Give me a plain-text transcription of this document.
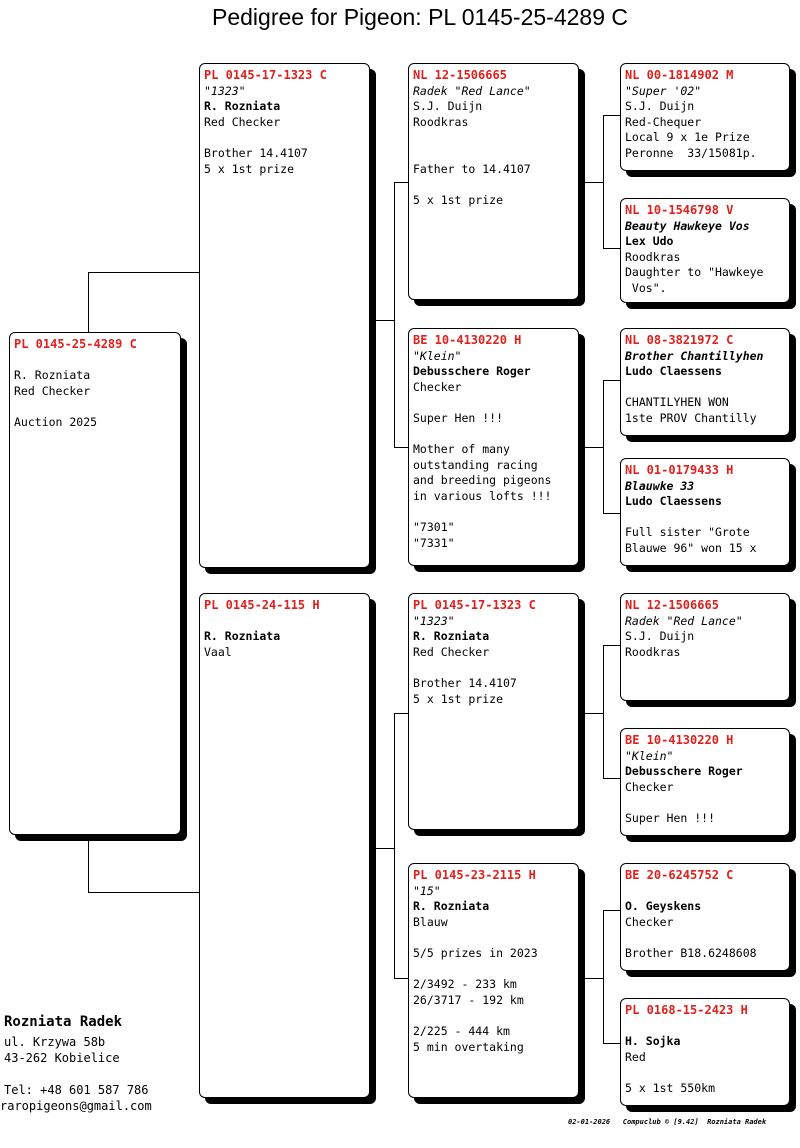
Pedigree for Pigeon: PL 0145-25-4289 C
PL 0145-25-4289 C

R. Rozniata
Red Checker

Auction 2025
PL 0145-17-1323 C
"1323"
R. Rozniata
Red Checker

Brother 14.4107
5 x 1st prize
PL 0145-24-115 H
R. Rozniata
Vaal
NL 12-1506665
Radek "Red Lance"
S.J. Duijn
Roodkras

Father to 14.4107

5 x 1st prize
BE 10-4130220 H
"Klein"
Debusschere Roger
Checker

Super Hen !!!

Mother of many
outstanding racing
and breeding pigeons
in various lofts !!!

"7301"
"7331"
PL 0145-17-1323 C
"1323"
R. Rozniata
Red Checker

Brother 14.4107
5 x 1st prize
PL 0145-23-2115 H
"15"
R. Rozniata
Blauw

5/5 prizes in 2023

2/3492 - 233 km
26/3717 - 192 km

2/225 - 444 km
5 min overtaking
NL 00-1814902 M
"Super '02"
S.J. Duijn
Red-Chequer
Local 9 x 1e Prize
Peronne  33/15081p.
NL 10-1546798 V
Beauty Hawkeye Vos
Lex Udo
Roodkras
Daughter to "Hawkeye
Vos".
NL 08-3821972 C
Brother Chantillyhen
Ludo Claessens

CHANTILYHEN WON
1ste PROV Chantilly
NL 01-0179433 H
Blauwke 33
Ludo Claessens

Full sister "Grote
Blauwe 96" won 15 x
NL 12-1506665
Radek "Red Lance"
S.J. Duijn
Roodkras
BE 10-4130220 H
"Klein"
Debusschere Roger
Checker

Super Hen !!!
BE 20-6245752 C
O. Geyskens
Checker

Brother B18.6248608
PL 0168-15-2423 H
H. Sojka
Red

5 x 1st 550km
Rozniata Radek
ul. Krzywa 58b
43-262 Kobielice
Tel: +48 601 587 786
raropigeons@gmail.com
02-01-2026   Compuclub © [9.42]  Rozniata Radek
